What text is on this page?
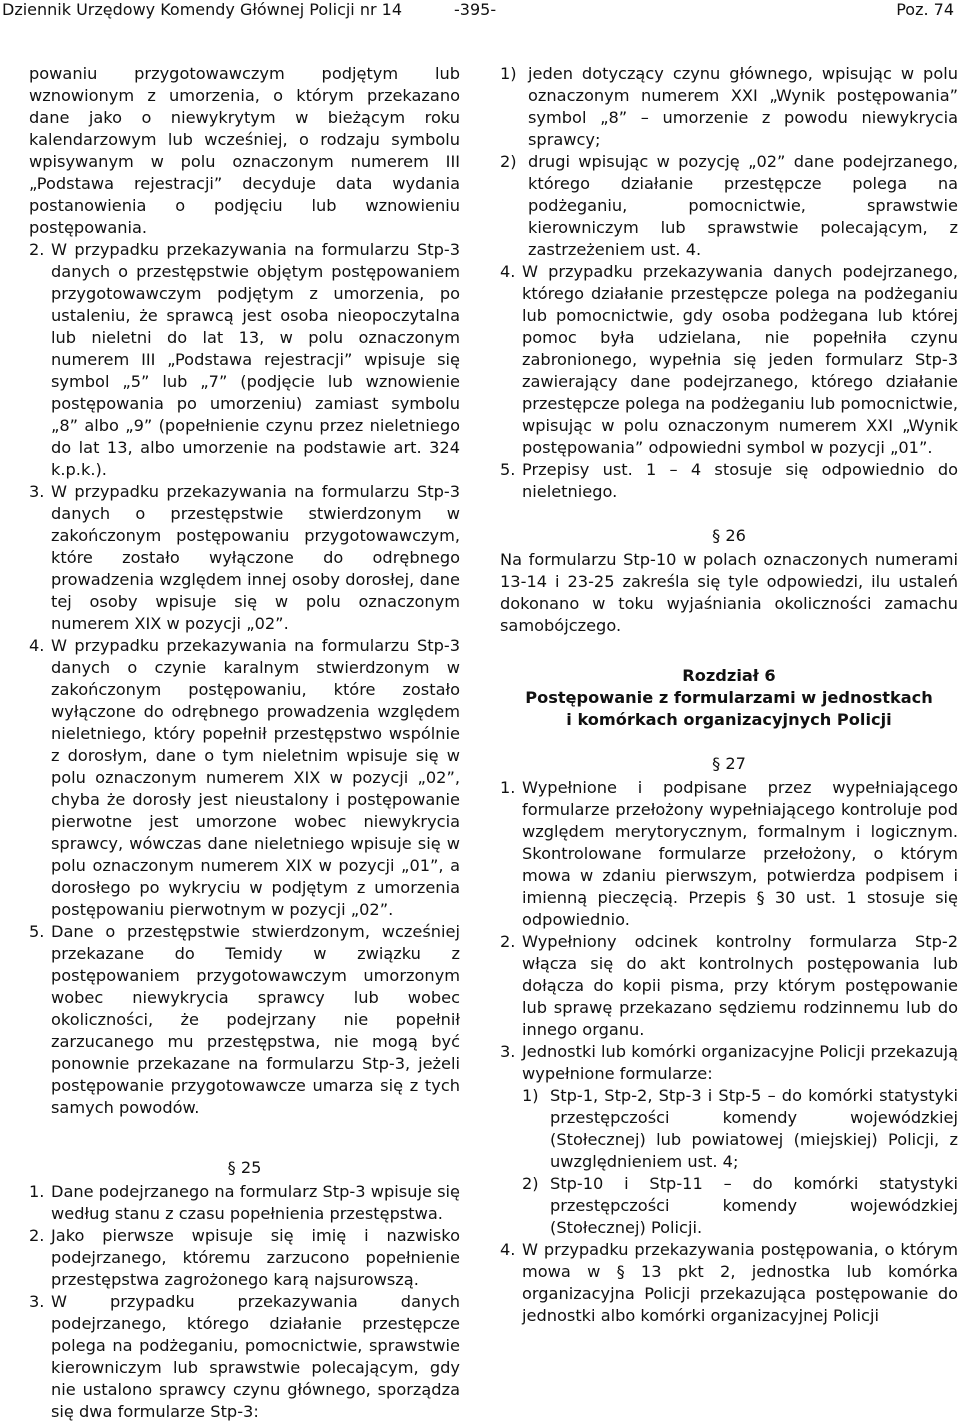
Dziennik Urzędowy Komendy Głównej Policji nr 14	-395-	Poz. 74

powaniu przygotowawczym podjętym lub wznowionym z umorzenia, o którym przekazano dane jako o niewykrytym w bieżącym roku kalendarzowym lub wcześniej, o rodzaju symbolu wpisywanym w polu oznaczonym numerem III „Podstawa rejestracji” decyduje data wydania postanowienia o podjęciu lub wznowieniu postępowania.

2. W przypadku przekazywania na formularzu Stp-3 danych o przestępstwie objętym postępowaniem przygotowawczym podjętym z umorzenia, po ustaleniu, że sprawcą jest osoba nieopoczytalna lub nieletni do lat 13, w polu oznaczonym numerem III „Podstawa rejestracji” wpisuje się symbol „5” lub „7” (podjęcie lub wznowienie postępowania po umorzeniu) zamiast symbolu „8” albo „9” (popełnienie czynu przez nieletniego do lat 13, albo umorzenie na podstawie art. 324 k.p.k.).
3. W przypadku przekazywania na formularzu Stp-3 danych o przestępstwie stwierdzonym w zakończonym postępowaniu przygotowawczym, które zostało wyłączone do odrębnego prowadzenia względem innej osoby dorosłej, dane tej osoby wpisuje się w polu oznaczonym numerem XIX w pozycji „02”.
4. W przypadku przekazywania na formularzu Stp-3 danych o czynie karalnym stwierdzonym w zakończonym postępowaniu, które zostało wyłączone do odrębnego prowadzenia względem nieletniego, który popełnił przestępstwo wspólnie z dorosłym, dane o tym nieletnim wpisuje się w polu oznaczonym numerem XIX w pozycji „02”, chyba że dorosły jest nieustalony i postępowanie pierwotne jest umorzone wobec niewykrycia sprawcy, wówczas dane nieletniego wpisuje się w polu oznaczonym numerem XIX w pozycji „01”, a dorosłego po wykryciu w podjętym z umorzenia postępowaniu pierwotnym w pozycji „02”.
5. Dane o przestępstwie stwierdzonym, wcześniej przekazane do Temidy w związku z postępowaniem przygotowawczym umorzonym wobec niewykrycia sprawcy lub wobec okoliczności, że podejrzany nie popełnił zarzucanego mu przestępstwa, nie mogą być ponownie przekazane na formularzu Stp-3, jeżeli postępowanie przygotowawcze umarza się z tych samych powodów.
§ 25
1. Dane podejrzanego na formularz Stp-3 wpisuje się według stanu z czasu popełnienia przestępstwa.
2. Jako pierwsze wpisuje się imię i nazwisko podejrzanego, któremu zarzucono popełnienie przestępstwa zagrożonego karą najsurowszą.
3. W przypadku przekazywania danych podejrzanego, którego działanie przestępcze polega na podżeganiu, pomocnictwie, sprawstwie kierowniczym lub sprawstwie polecającym, gdy nie ustalono sprawcy czynu głównego, sporządza się dwa formularze Stp-3:
1) jeden dotyczący czynu głównego, wpisując w polu oznaczonym numerem XXI „Wynik postępowania” symbol „8” – umorzenie z powodu niewykrycia sprawcy;
2) drugi wpisując w pozycję „02” dane podejrzanego, którego działanie przestępcze polega na podżeganiu, pomocnictwie, sprawstwie kierowniczym lub sprawstwie polecającym, z zastrzeżeniem ust. 4.
4. W przypadku przekazywania danych podejrzanego, którego działanie przestępcze polega na podżeganiu lub pomocnictwie, gdy osoba podżegana lub której pomoc była udzielana, nie popełniła czynu zabronionego, wypełnia się jeden formularz Stp-3 zawierający dane podejrzanego, którego działanie przestępcze polega na podżeganiu lub pomocnictwie, wpisując w polu oznaczonym numerem XXI „Wynik postępowania” odpowiedni symbol w pozycji „01”.
5. Przepisy ust. 1 – 4 stosuje się odpowiednio do nieletniego.
§ 26

Na formularzu Stp-10 w polach oznaczonych numerami 13-14 i 23-25 zakreśla się tyle odpowiedzi, ilu ustaleń dokonano w toku wyjaśniania okoliczności zamachu samobójczego.

Rozdział 6
Postępowanie z formularzami w jednostkach
i komórkach organizacyjnych Policji
§ 27
1. Wypełnione i podpisane przez wypełniającego formularze przełożony wypełniającego kontroluje pod względem merytorycznym, formalnym i logicznym. Skontrolowane formularze przełożony, o którym mowa w zdaniu pierwszym, potwierdza podpisem i imienną pieczęcią. Przepis § 30 ust. 1 stosuje się odpowiednio.
2. Wypełniony odcinek kontrolny formularza Stp-2 włącza się do akt kontrolnych postępowania lub dołącza do kopii pisma, przy którym postępowanie lub sprawę przekazano sędziemu rodzinnemu lub do innego organu.
3. Jednostki lub komórki organizacyjne Policji przekazują wypełnione formularze:
1) Stp-1, Stp-2, Stp-3 i Stp-5 – do komórki statystyki przestępczości komendy wojewódzkiej (Stołecznej) lub powiatowej (miejskiej) Policji, z uwzględnieniem ust. 4;
2) Stp-10 i Stp-11 – do komórki statystyki przestępczości komendy wojewódzkiej (Stołecznej) Policji.
4. W przypadku przekazywania postępowania, o którym mowa w § 13 pkt 2, jednostka lub komórka organizacyjna Policji przekazująca postępowanie do jednostki albo komórki organizacyjnej Policji
